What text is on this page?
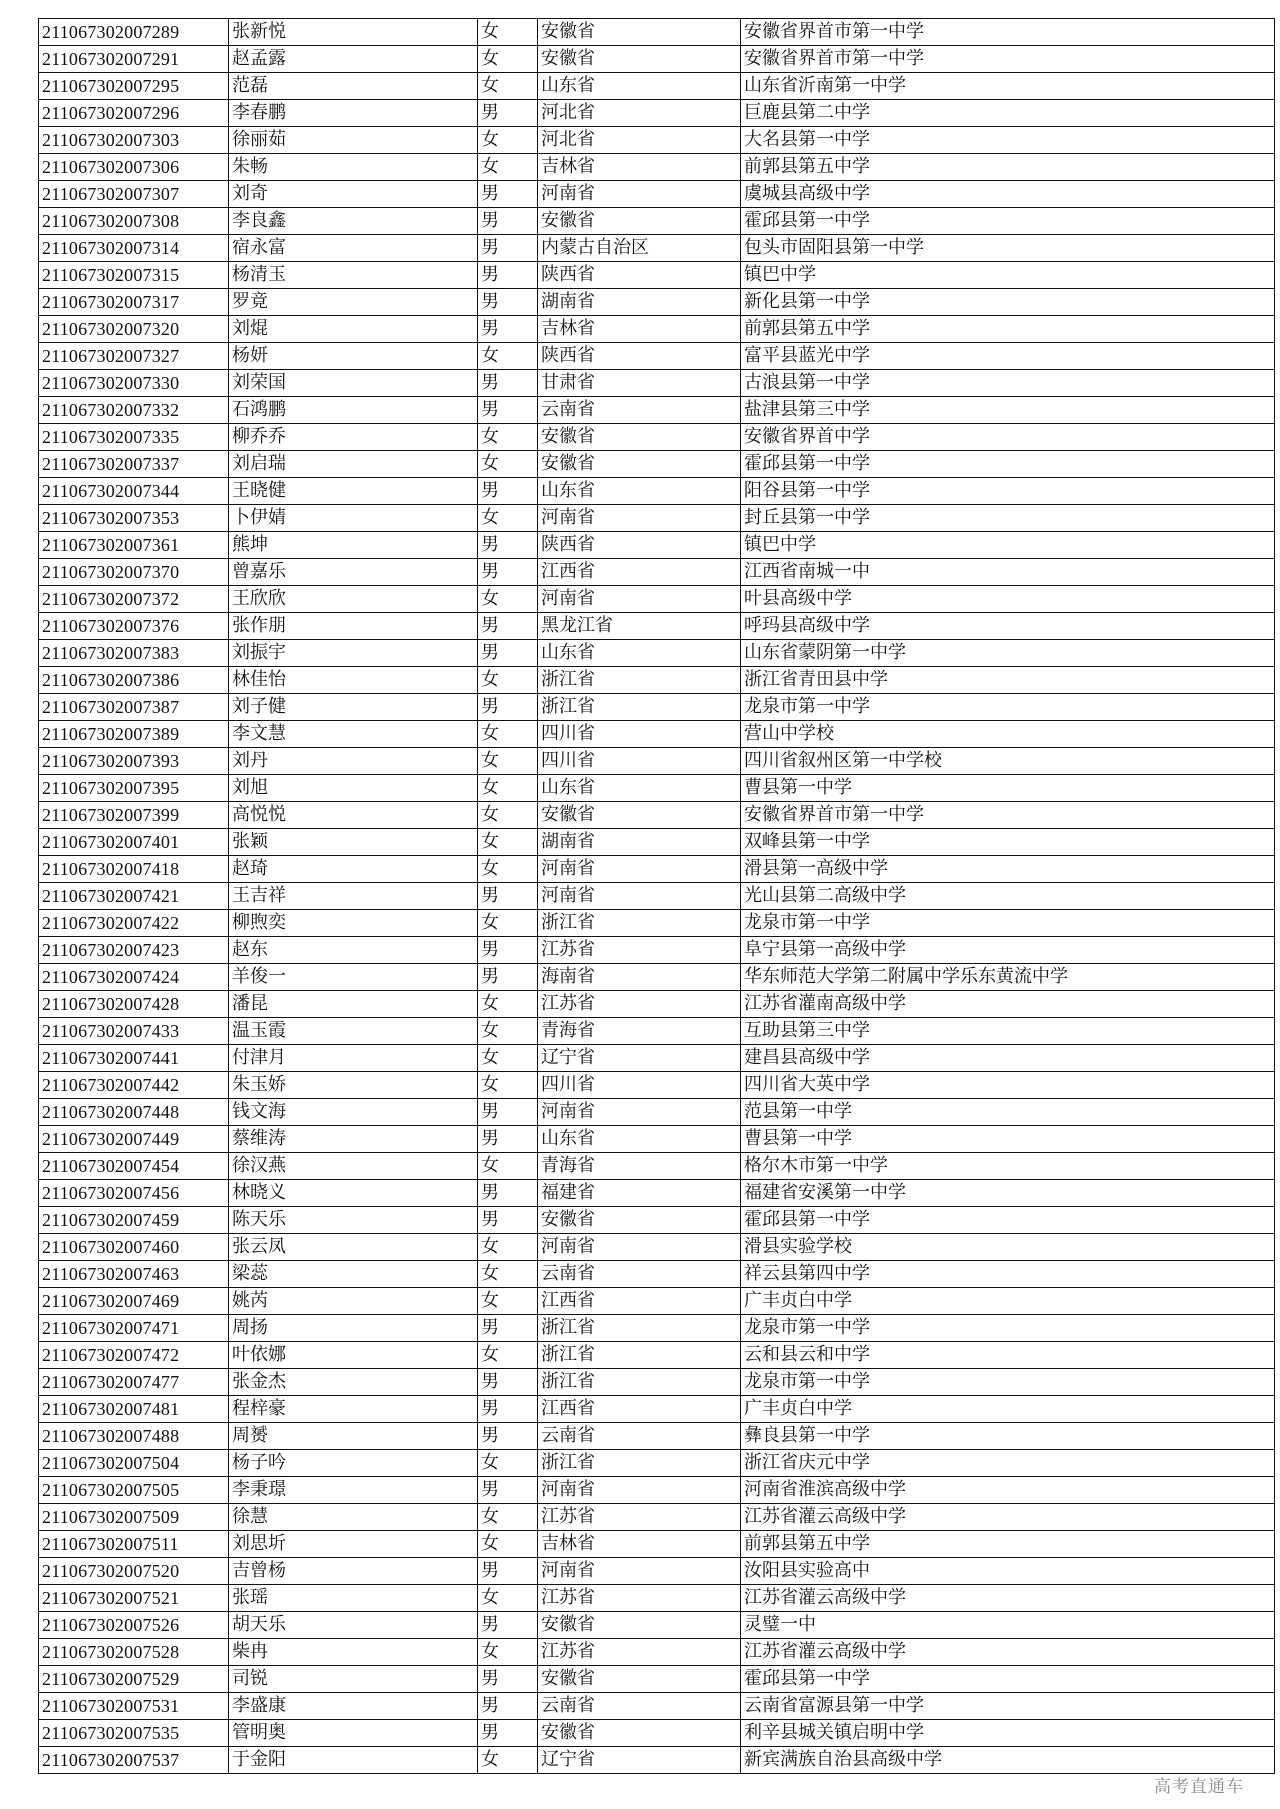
211067302007289	张新悦	女	安徽省	安徽省界首市第一中学
211067302007291	赵孟露	女	安徽省	安徽省界首市第一中学
211067302007295	范磊	女	山东省	山东省沂南第一中学
211067302007296	李春鹏	男	河北省	巨鹿县第二中学
211067302007303	徐丽茹	女	河北省	大名县第一中学
211067302007306	朱畅	女	吉林省	前郭县第五中学
211067302007307	刘奇	男	河南省	虞城县高级中学
211067302007308	李良鑫	男	安徽省	霍邱县第一中学
211067302007314	宿永富	男	内蒙古自治区	包头市固阳县第一中学
211067302007315	杨清玉	男	陕西省	镇巴中学
211067302007317	罗竟	男	湖南省	新化县第一中学
211067302007320	刘焜	男	吉林省	前郭县第五中学
211067302007327	杨妍	女	陕西省	富平县蓝光中学
211067302007330	刘荣国	男	甘肃省	古浪县第一中学
211067302007332	石鸿鹏	男	云南省	盐津县第三中学
211067302007335	柳乔乔	女	安徽省	安徽省界首中学
211067302007337	刘启瑞	女	安徽省	霍邱县第一中学
211067302007344	王晓健	男	山东省	阳谷县第一中学
211067302007353	卜伊婧	女	河南省	封丘县第一中学
211067302007361	熊坤	男	陕西省	镇巴中学
211067302007370	曾嘉乐	男	江西省	江西省南城一中
211067302007372	王欣欣	女	河南省	叶县高级中学
211067302007376	张作朋	男	黑龙江省	呼玛县高级中学
211067302007383	刘振宇	男	山东省	山东省蒙阴第一中学
211067302007386	林佳怡	女	浙江省	浙江省青田县中学
211067302007387	刘子健	男	浙江省	龙泉市第一中学
211067302007389	李文慧	女	四川省	营山中学校
211067302007393	刘丹	女	四川省	四川省叙州区第一中学校
211067302007395	刘旭	女	山东省	曹县第一中学
211067302007399	高悦悦	女	安徽省	安徽省界首市第一中学
211067302007401	张颖	女	湖南省	双峰县第一中学
211067302007418	赵琦	女	河南省	滑县第一高级中学
211067302007421	王吉祥	男	河南省	光山县第二高级中学
211067302007422	柳煦奕	女	浙江省	龙泉市第一中学
211067302007423	赵东	男	江苏省	阜宁县第一高级中学
211067302007424	羊俊一	男	海南省	华东师范大学第二附属中学乐东黄流中学
211067302007428	潘昆	女	江苏省	江苏省灌南高级中学
211067302007433	温玉霞	女	青海省	互助县第三中学
211067302007441	付津月	女	辽宁省	建昌县高级中学
211067302007442	朱玉娇	女	四川省	四川省大英中学
211067302007448	钱文海	男	河南省	范县第一中学
211067302007449	蔡维涛	男	山东省	曹县第一中学
211067302007454	徐汉燕	女	青海省	格尔木市第一中学
211067302007456	林晓义	男	福建省	福建省安溪第一中学
211067302007459	陈天乐	男	安徽省	霍邱县第一中学
211067302007460	张云凤	女	河南省	滑县实验学校
211067302007463	梁蕊	女	云南省	祥云县第四中学
211067302007469	姚芮	女	江西省	广丰贞白中学
211067302007471	周扬	男	浙江省	龙泉市第一中学
211067302007472	叶依娜	女	浙江省	云和县云和中学
211067302007477	张金杰	男	浙江省	龙泉市第一中学
211067302007481	程梓豪	男	江西省	广丰贞白中学
211067302007488	周赟	男	云南省	彝良县第一中学
211067302007504	杨子吟	女	浙江省	浙江省庆元中学
211067302007505	李秉璟	男	河南省	河南省淮滨高级中学
211067302007509	徐慧	女	江苏省	江苏省灌云高级中学
211067302007511	刘思圻	女	吉林省	前郭县第五中学
211067302007520	吉曾杨	男	河南省	汝阳县实验高中
211067302007521	张瑶	女	江苏省	江苏省灌云高级中学
211067302007526	胡天乐	男	安徽省	灵璧一中
211067302007528	柴冉	女	江苏省	江苏省灌云高级中学
211067302007529	司锐	男	安徽省	霍邱县第一中学
211067302007531	李盛康	男	云南省	云南省富源县第一中学
211067302007535	管明奥	男	安徽省	利辛县城关镇启明中学
211067302007537	于金阳	女	辽宁省	新宾满族自治县高级中学
高考直通车
